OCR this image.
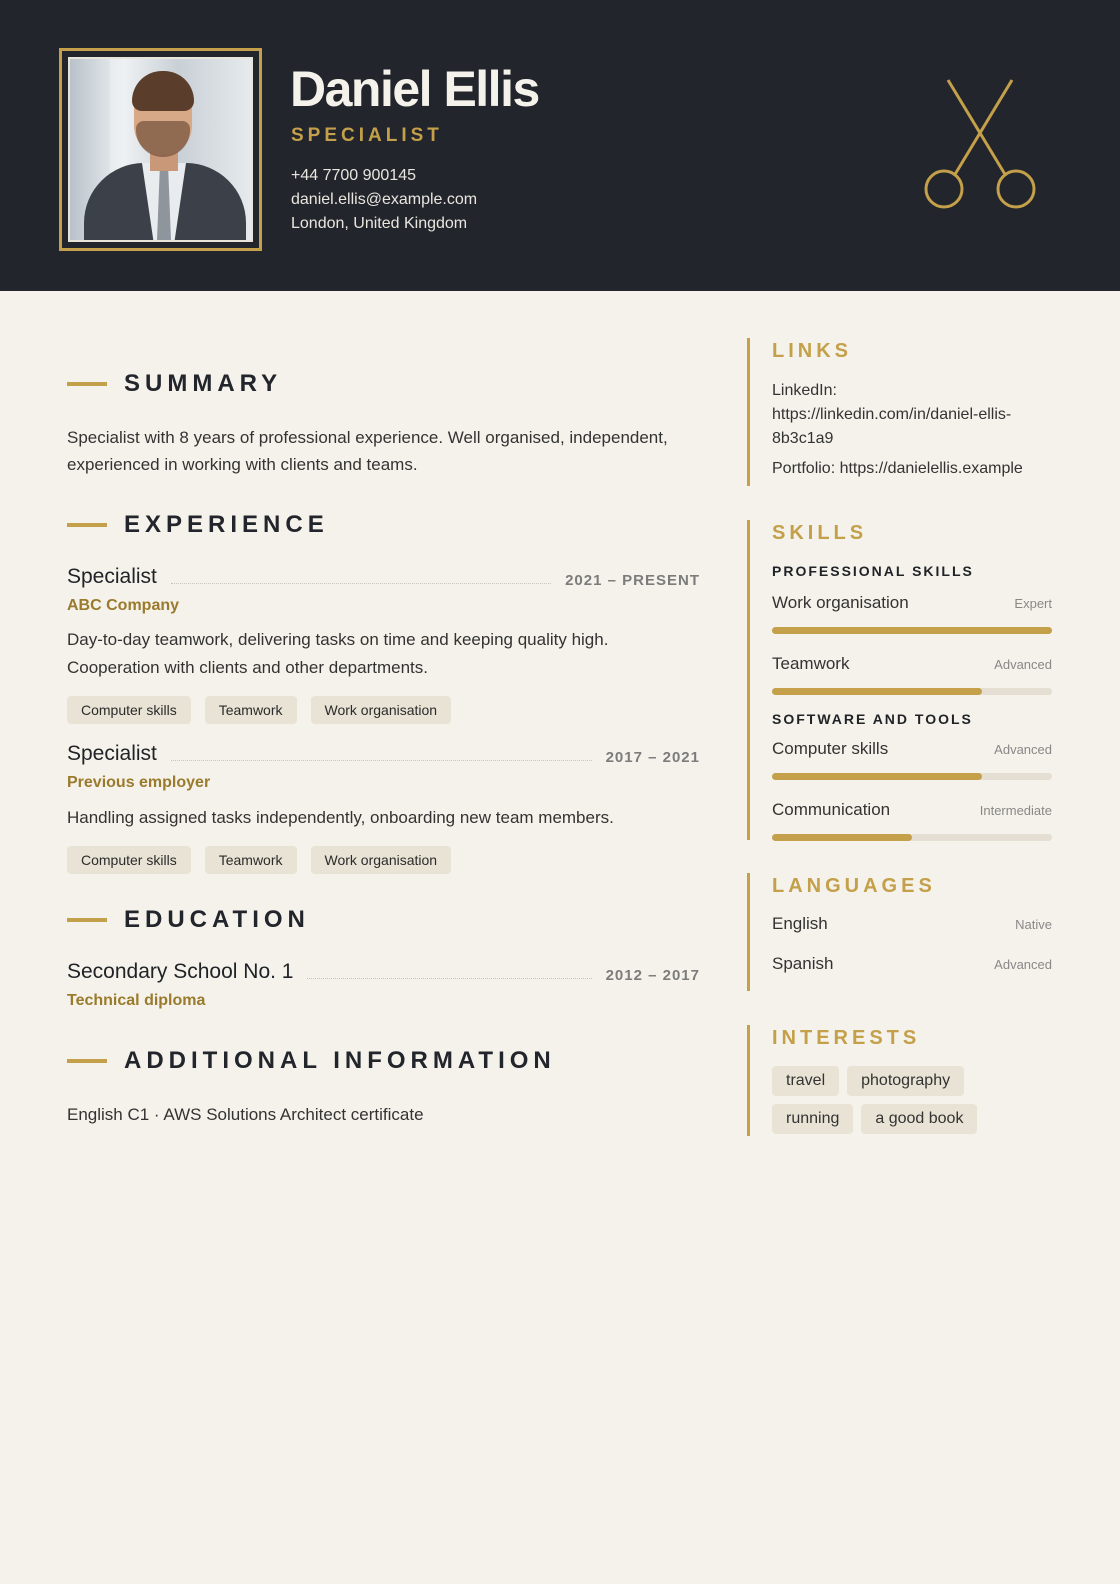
Daniel Ellis
SPECIALIST
+44 7700 900145
daniel.ellis@example.com
London, United Kingdom
SUMMARY
Specialist with 8 years of professional experience. Well organised, independent, experienced in working with clients and teams.
EXPERIENCE
Specialist	2021 – PRESENT
ABC Company
Day-to-day teamwork, delivering tasks on time and keeping quality high. Cooperation with clients and other departments.
Computer skills	Teamwork	Work organisation
Specialist	2017 – 2021
Previous employer
Handling assigned tasks independently, onboarding new team members.
Computer skills	Teamwork	Work organisation
EDUCATION
Secondary School No. 1	2012 – 2017
Technical diploma
ADDITIONAL INFORMATION
English C1 · AWS Solutions Architect certificate
LINKS
LinkedIn: https://linkedin.com/in/daniel-ellis-8b3c1a9
Portfolio: https://danielellis.example
SKILLS
PROFESSIONAL SKILLS
Work organisation	Expert
Teamwork	Advanced
SOFTWARE AND TOOLS
Computer skills	Advanced
Communication	Intermediate
LANGUAGES
English	Native
Spanish	Advanced
INTERESTS
travel	photography
running	a good book
